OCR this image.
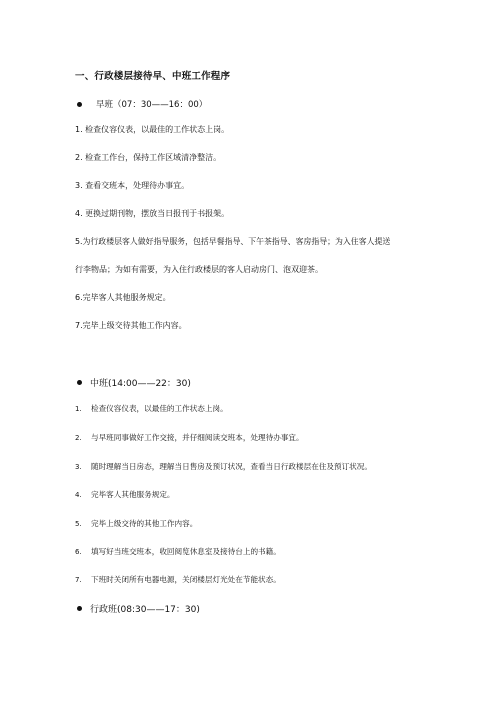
一、行政楼层接待早、中班工作程序
早班（07：30——16：00）
1. 检查仪容仪表，以最佳的工作状态上岗。
2. 检查工作台，保持工作区域清净整洁。
3. 查看交班本，处理待办事宜。
4. 更换过期刊物，摆放当日报刊于书报架。
5.为行政楼层客人做好指导服务，包括早餐指导、下午茶指导、客房指导；为入住客人提送
行李物品；为如有需要，为入住行政楼层的客人启动房门、泡双迎茶。
6.完毕客人其他服务规定。
7.完毕上级交待其他工作内容。
中班(14:00——22：30)
1. 检查仪容仪表，以最佳的工作状态上岗。
2. 与早班同事做好工作交接，并仔细阅读交班本，处理待办事宜。
3. 随时理解当日房态，理解当日售房及预订状况，查看当日行政楼层在住及预订状况。
4. 完毕客人其他服务规定。
5. 完毕上级交待的其他工作内容。
6. 填写好当班交班本，收回阅览休息室及接待台上的书籍。
7. 下班时关闭所有电器电源，关闭楼层灯光处在节能状态。
行政班(08:30——17：30)
